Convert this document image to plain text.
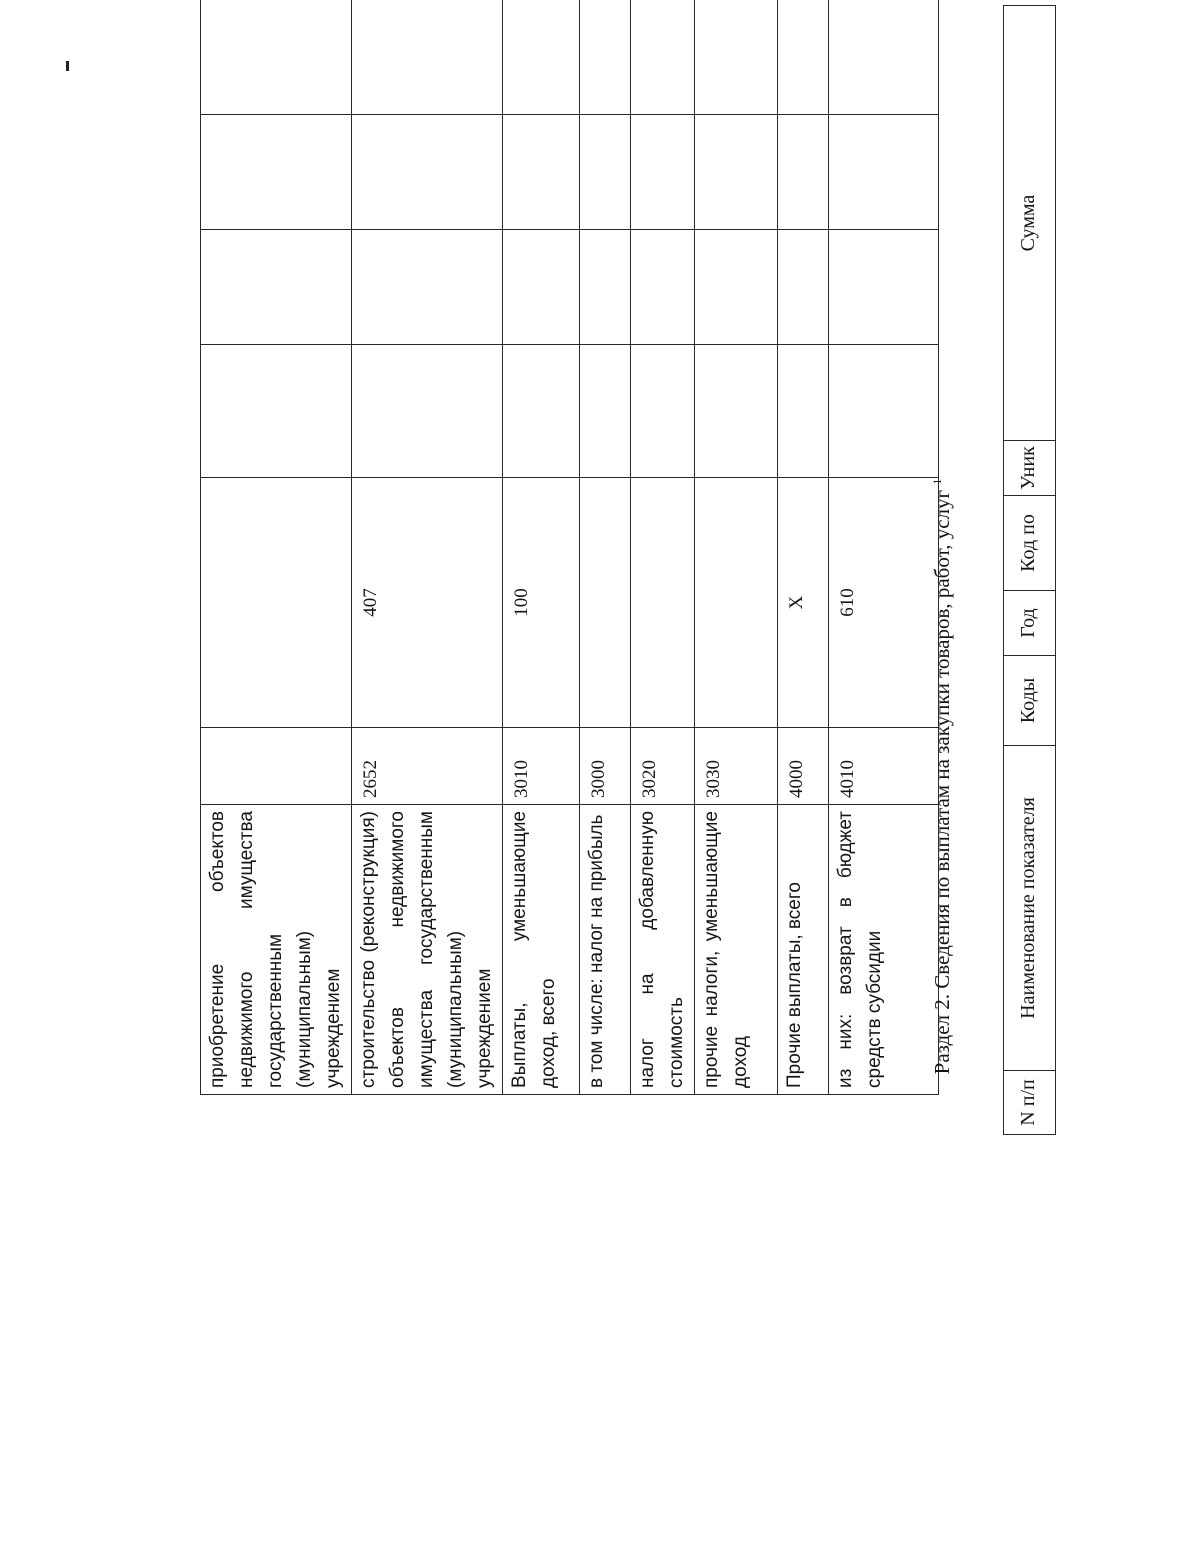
приобретение объектов недвижимого имущества государственным (муниципальным) учреждением							

строительство (реконструкция) объектов недвижимого имущества государственным (муниципальным) учреждением	2652	407					

Выплаты, уменьшающие доход, всего	3010	100					

в том числе: налог на прибыль	3000						

налог на добавленную стоимость	3020						

прочие налоги, уменьшающие доход	3030						

Прочие выплаты, всего	4000	X					

из них: возврат в бюджет средств субсидии	4010	610						Раздел 2. Сведения по выплатам на закупки товаров, работ, услуг $^1$
N п/п	Наименование показателя	Коды	Год	Код по	Уник	Сумма
